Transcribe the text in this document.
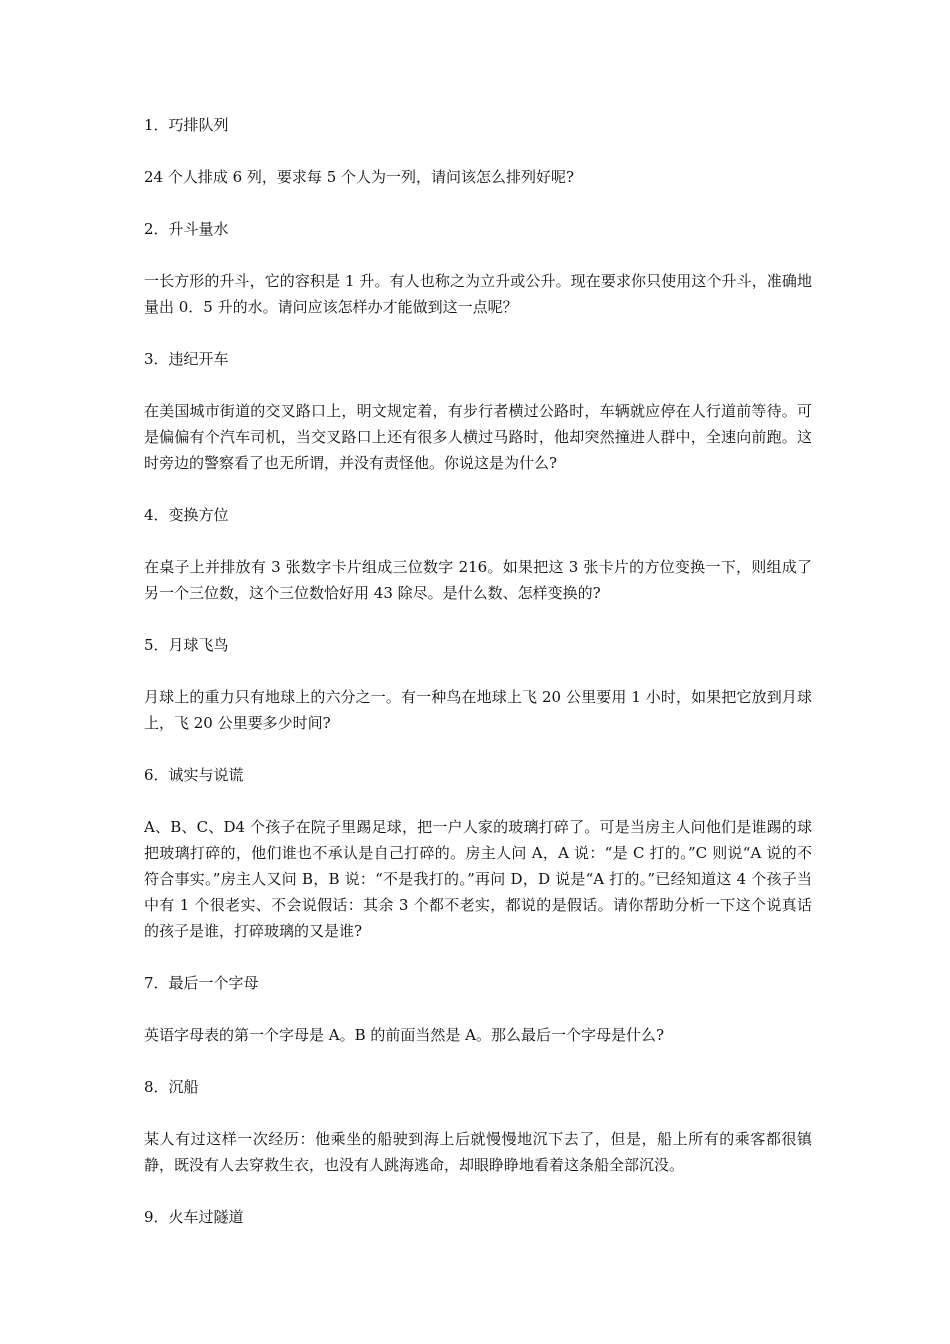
1．巧排队列
24 个人排成 6 列，要求每 5 个人为一列，请问该怎么排列好呢?
2．升斗量水
一长方形的升斗，它的容积是 1 升。有人也称之为立升或公升。现在要求你只使用这个升斗，准确地量出 0．5 升的水。请问应该怎样办才能做到这一点呢？
3．违纪开车
在美国城市街道的交叉路口上，明文规定着，有步行者横过公路时，车辆就应停在人行道前等待。可是偏偏有个汽车司机，当交叉路口上还有很多人横过马路时，他却突然撞进人群中，全速向前跑。这时旁边的警察看了也无所谓，并没有责怪他。你说这是为什么?
4．变换方位
在桌子上并排放有 3 张数字卡片组成三位数字 216。如果把这 3 张卡片的方位变换一下，则组成了另一个三位数，这个三位数恰好用 43 除尽。是什么数、怎样变换的?
5．月球飞鸟
月球上的重力只有地球上的六分之一。有一种鸟在地球上飞 20 公里要用 1 小时，如果把它放到月球上，飞 20 公里要多少时间?
6．诚实与说谎
A、B、C、D4 个孩子在院子里踢足球，把一户人家的玻璃打碎了。可是当房主人问他们是谁踢的球把玻璃打碎的，他们谁也不承认是自己打碎的。房主人问 A，A 说：“是 C 打的。”C 则说“A 说的不符合事实。”房主人又问 B，B 说：“不是我打的。”再问 D，D 说是“A 打的。”已经知道这 4 个孩子当中有 1 个很老实、不会说假话：其余 3 个都不老实，都说的是假话。请你帮助分析一下这个说真话的孩子是谁，打碎玻璃的又是谁?
7．最后一个字母
英语字母表的第一个字母是 A。B 的前面当然是 A。那么最后一个字母是什么?
8．沉船
某人有过这样一次经历：他乘坐的船驶到海上后就慢慢地沉下去了，但是，船上所有的乘客都很镇静，既没有人去穿救生衣，也没有人跳海逃命，却眼睁睁地看着这条船全部沉没。
9．火车过隧道
